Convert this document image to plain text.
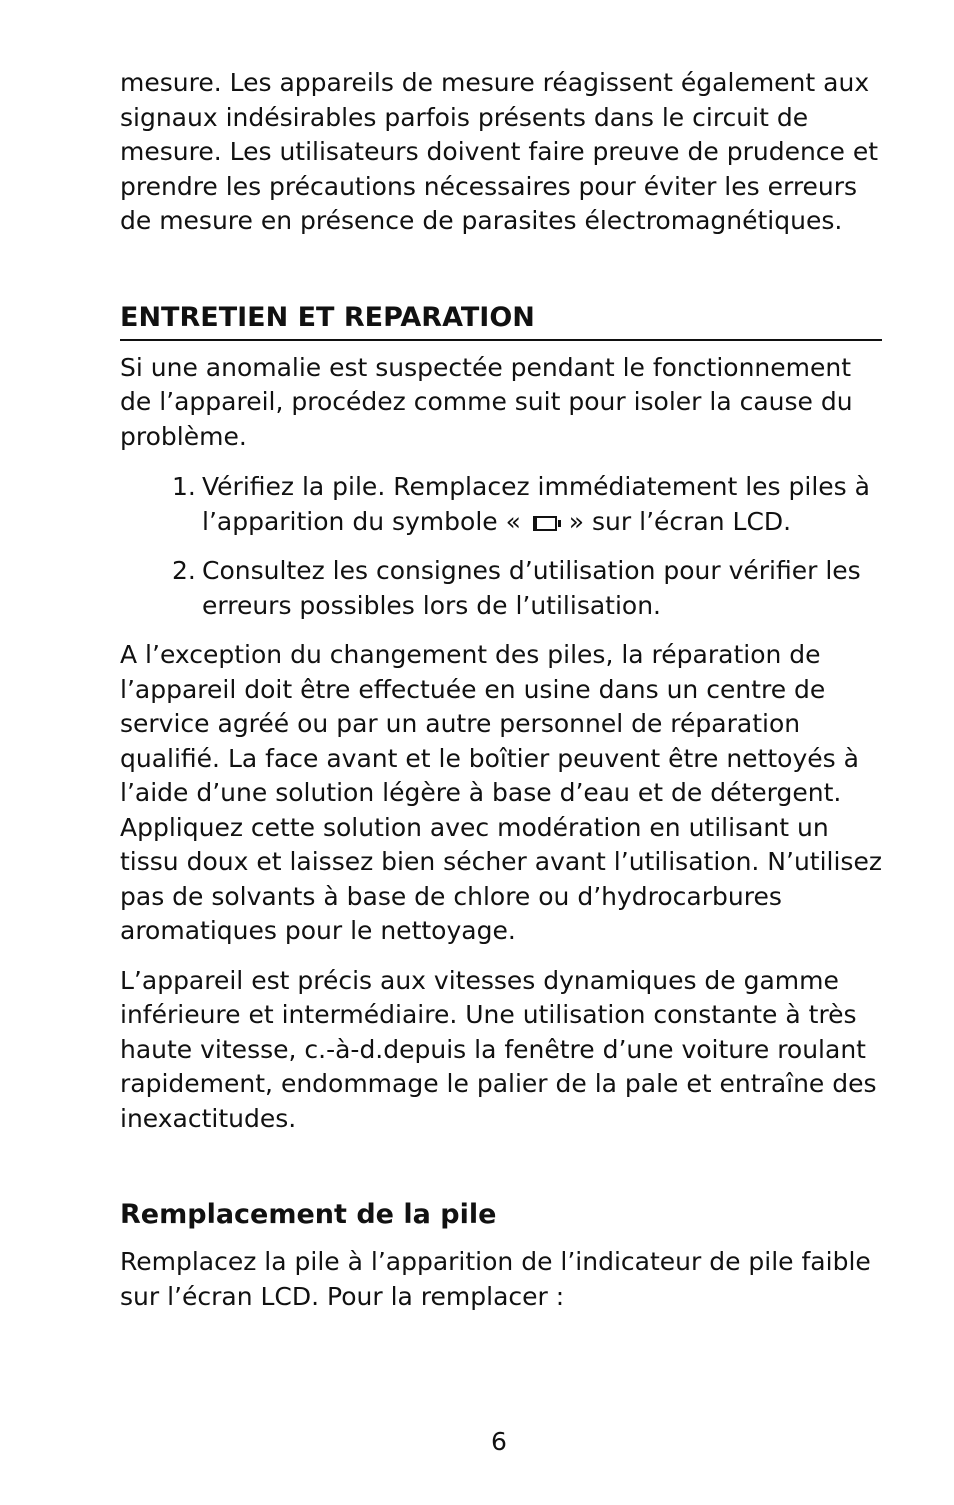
mesure. Les appareils de mesure réagissent également aux signaux indésirables parfois présents dans le circuit de mesure. Les utilisateurs doivent faire preuve de prudence et prendre les précautions nécessaires pour éviter les erreurs de mesure en présence de parasites électromagnétiques.

ENTRETIEN ET REPARATION

Si une anomalie est suspectée pendant le fonctionnement de l’appareil, procédez comme suit pour isoler la cause du problème.

1. Vérifiez la pile. Remplacez immédiatement les piles à l’apparition du symbole «  » sur l’écran LCD.
2. Consultez les consignes d’utilisation pour vérifier les erreurs possibles lors de l’utilisation.

A l’exception du changement des piles, la réparation de l’appareil doit être effectuée en usine dans un centre de service agréé ou par un autre personnel de réparation qualifié. La face avant et le boîtier peuvent être nettoyés à l’aide d’une solution légère à base d’eau et de détergent. Appliquez cette solution avec modération en utilisant un tissu doux et laissez bien sécher avant l’utilisation. N’utilisez pas de solvants à base de chlore ou d’hydrocarbures aromatiques pour le nettoyage.

L’appareil est précis aux vitesses dynamiques de gamme inférieure et intermédiaire. Une utilisation constante à très haute vitesse, c.-à-d.depuis la fenêtre d’une voiture roulant rapidement, endommage le palier de la pale et entraîne des inexactitudes.

Remplacement de la pile

Remplacez la pile à l’apparition de l’indicateur de pile faible sur l’écran LCD. Pour la remplacer :

6
